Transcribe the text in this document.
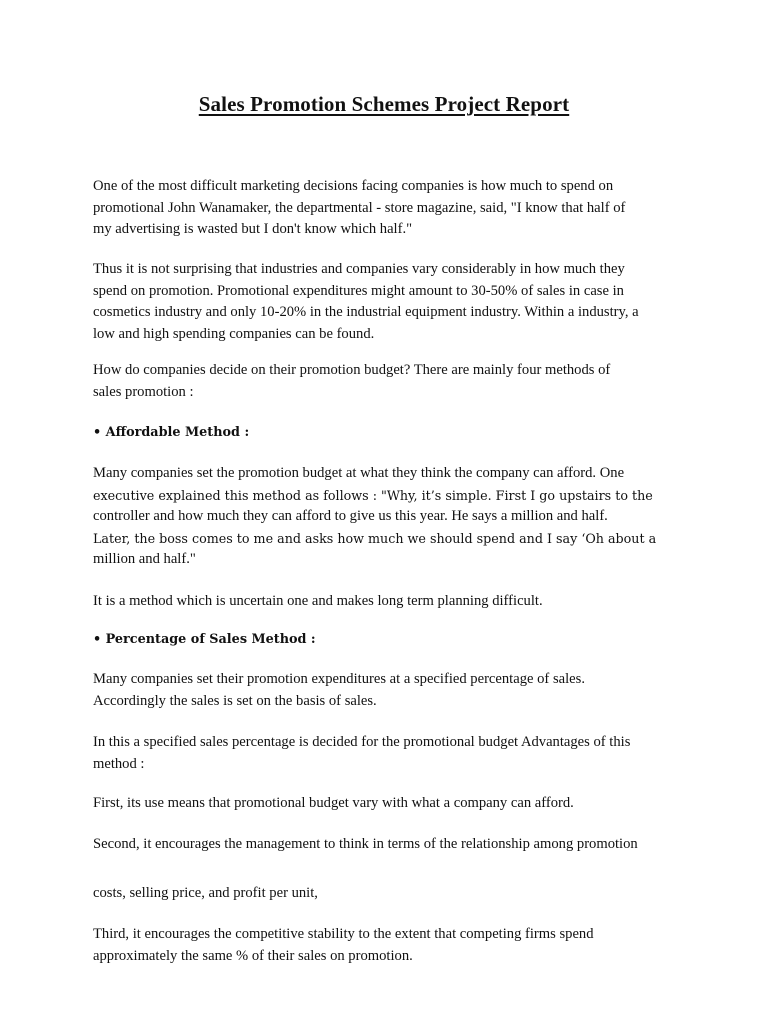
Sales Promotion Schemes Project Report
One of the most difficult marketing decisions facing companies is how much to spend on
promotional John Wanamaker, the departmental - store magazine, said, "I know that half of
my advertising is wasted but I don't know which half."
Thus it is not surprising that industries and companies vary considerably in how much they
spend on promotion. Promotional expenditures might amount to 30-50% of sales in case in
cosmetics industry and only 10-20% in the industrial equipment industry. Within a industry, a
low and high spending companies can be found.
How do companies decide on their promotion budget? There are mainly four methods of
sales promotion :
• Affordable Method :
Many companies set the promotion budget at what they think the company can afford. One
executive explained this method as follows : "Why, it’s simple. First I go upstairs to the
controller and how much they can afford to give us this year. He says a million and half.
Later, the boss comes to me and asks how much we should spend and I say ‘Oh about a
million and half."
It is a method which is uncertain one and makes long term planning difficult.
• Percentage of Sales Method :
Many companies set their promotion expenditures at a specified percentage of sales.
Accordingly the sales is set on the basis of sales.
In this a specified sales percentage is decided for the promotional budget Advantages of this
method :
First, its use means that promotional budget vary with what a company can afford.
Second, it encourages the management to think in terms of the relationship among promotion
costs, selling price, and profit per unit,
Third, it encourages the competitive stability to the extent that competing firms spend
approximately the same % of their sales on promotion.
